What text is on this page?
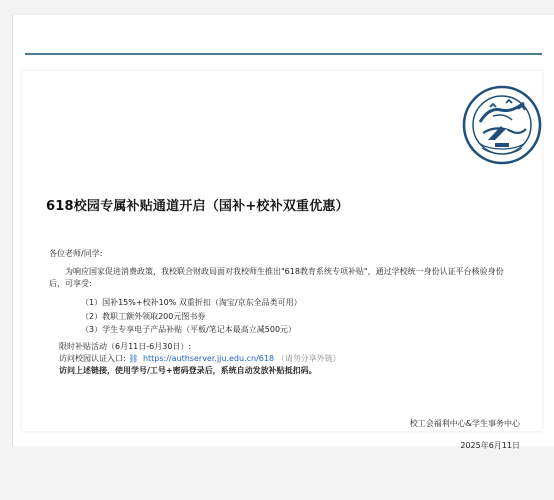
618校园专属补贴通道开启（国补+校补双重优惠）

各位老师/同学:

为响应国家促进消费政策，我校联合财政局面对我校师生推出"618教育系统专项补贴"，通过学校统一身份认证平台核验身份后，可享受:

（1）国补15%+校补10% 双重折扣（淘宝/京东全品类可用）
（2）教职工额外领取200元图书券
（3）学生专享电子产品补贴（平板/笔记本最高立减500元）
限时补贴活动（6月11日-6月30日）:
访问校园认证入口: ⛓ https://authserver.jju.edu.cn/618 （请勿分享外链）
访问上述链接，使用学号/工号+密码登录后，系统自动发放补贴抵扣码。
校工会福利中心&学生事务中心
2025年6月11日
